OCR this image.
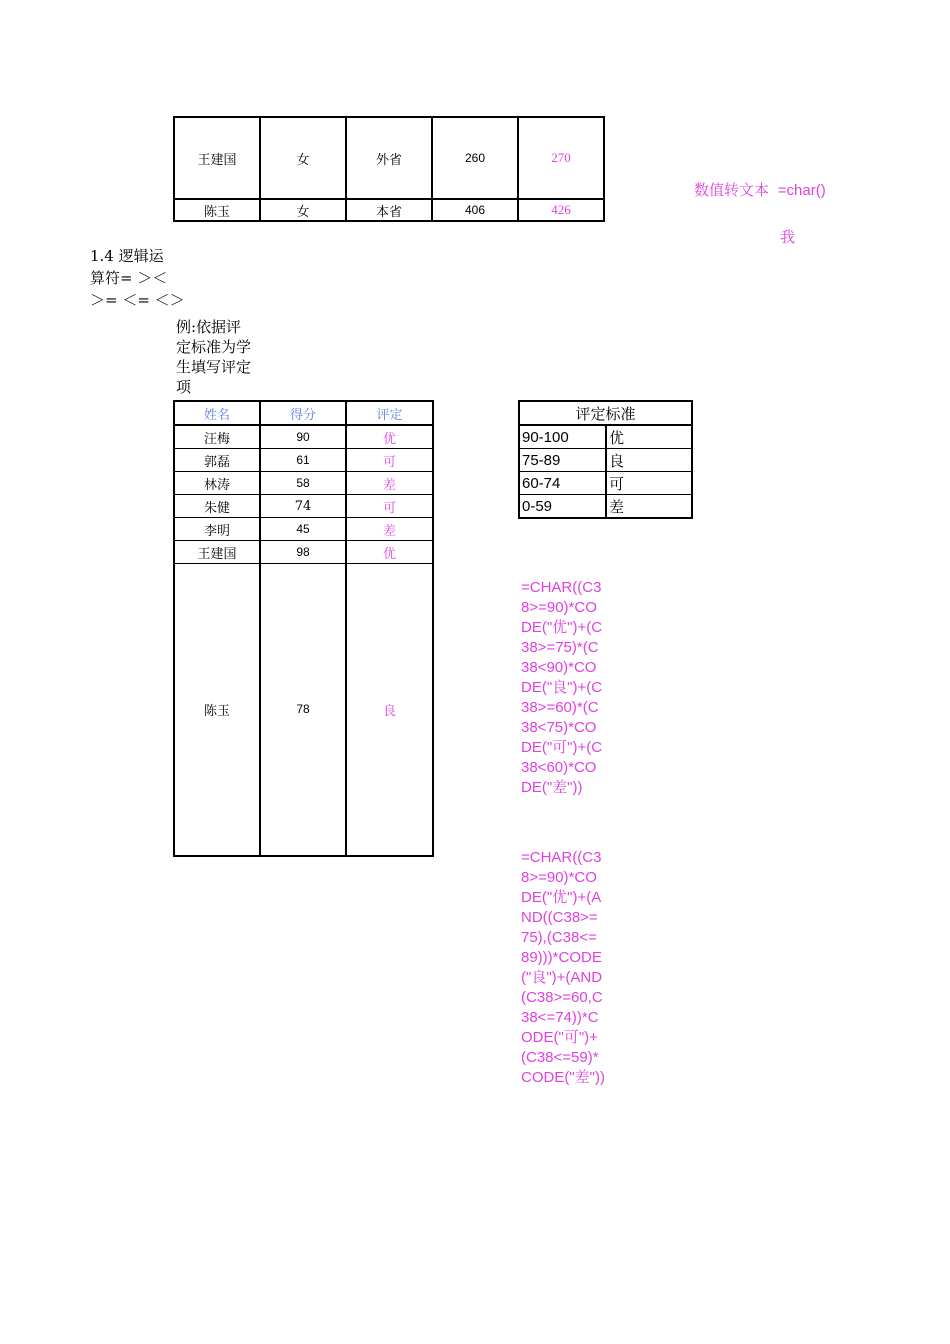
王建国	女	外省	260	270
陈玉	女	本省	406	426
数值转文本 =char()
我
1.4 逻辑运
算符= ＞＜
＞= ＜= ＜＞
例:依据评
定标准为学
生填写评定
项
姓名	得分	评定
汪梅	90	优
郭磊	61	可
林涛	58	差
朱健	74	可
李明	45	差
王建国	98	优
陈玉	78	良
评定标准	
90-100	优
75-89	良
60-74	可
0-59	差
=CHAR((C38>=90)*CODE("优")+(C38>=75)*(C38<90)*CODE("良")+(C38>=60)*(C38<75)*CODE("可")+(C38<60)*CODE("差"))
=CHAR((C38>=90)*CODE("优")+(AND((C38>=75),(C38<=89)))*CODE("良")+(AND(C38>=60,C38<=74))*CODE("可")+(C38<=59)*CODE("差"))
